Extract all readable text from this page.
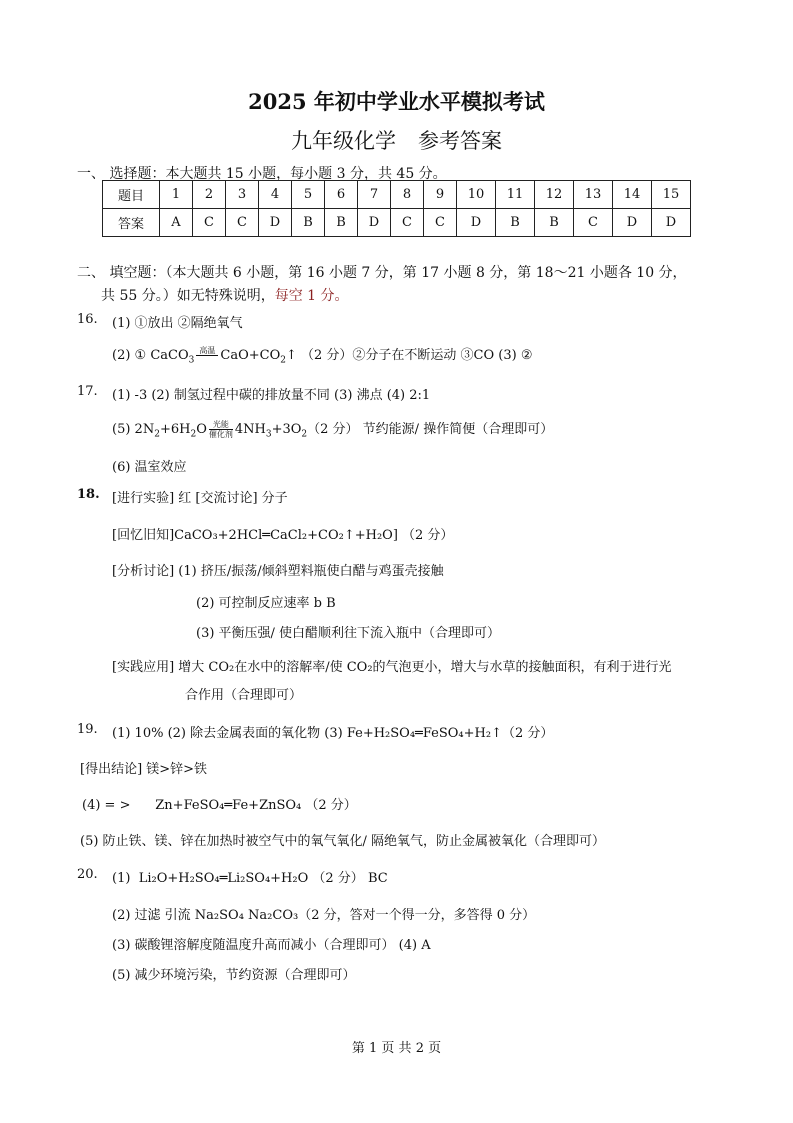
2025 年初中学业水平模拟考试
九年级化学 参考答案
一、 选择题：本大题共 15 小题，每小题 3 分，共 45 分。
题目	1	2	3	4	5	6	7	8	9	10	11	12	13	14	15
答案	A	C	C	D	B	B	D	C	C	D	B	B	C	D	D
二、 填空题：（本大题共 6 小题，第 16 小题 7 分，第 17 小题 8 分，第 18～21 小题各 10 分，
共 55 分。）如无特殊说明，每空 1 分。
16. (1) ①放出 ②隔绝氧气
(2) ① CaCO$_3$
高温
$CaO+CO_2↑$ （2 分）②分子在不断运动 ③CO (3) ②
17. (1) -3 (2) 制氢过程中碳的排放量不同 (3) 沸点 (4) 2:1
(5) $2N_2+6H_2O \frac{\text{光能}}{\text{催化剂}} 4NH_3+3O_2(2$ 分） 节约能源/ 操作简便（合理即可）
(6) 温室效应
18. [进行实验] 红 [交流讨论] 分子
[回忆旧知]CaCO₃+2HCl═CaCl₂+CO₂↑+H₂O] （2 分）
[分析讨论] (1) 挤压/振荡/倾斜塑料瓶使白醋与鸡蛋壳接触
(2) 可控制反应速率 b B
(3) 平衡压强/ 使白醋顺利往下流入瓶中（合理即可）
[实践应用] 增大 CO₂在水中的溶解率/使 CO₂的气泡更小，增大与水草的接触面积，有利于进行光
合作用（合理即可）
19. (1) 10% (2) 除去金属表面的氧化物 (3) Fe+H₂SO₄═FeSO₄+H₂↑（2 分）
[得出结论] 镁>锌>铁
(4) = > Zn+FeSO₄═Fe+ZnSO₄ （2 分）
(5) 防止铁、镁、锌在加热时被空气中的氧气氧化/ 隔绝氧气，防止金属被氧化（合理即可）
20. (1) Li₂O+H₂SO₄═Li₂SO₄+H₂O （2 分） BC
(2) 过滤 引流 Na₂SO₄ Na₂CO₃（2 分，答对一个得一分，多答得 0 分）
(3) 碳酸锂溶解度随温度升高而减小（合理即可） (4) A
(5) 减少环境污染，节约资源（合理即可）
第 1 页 共 2 页
